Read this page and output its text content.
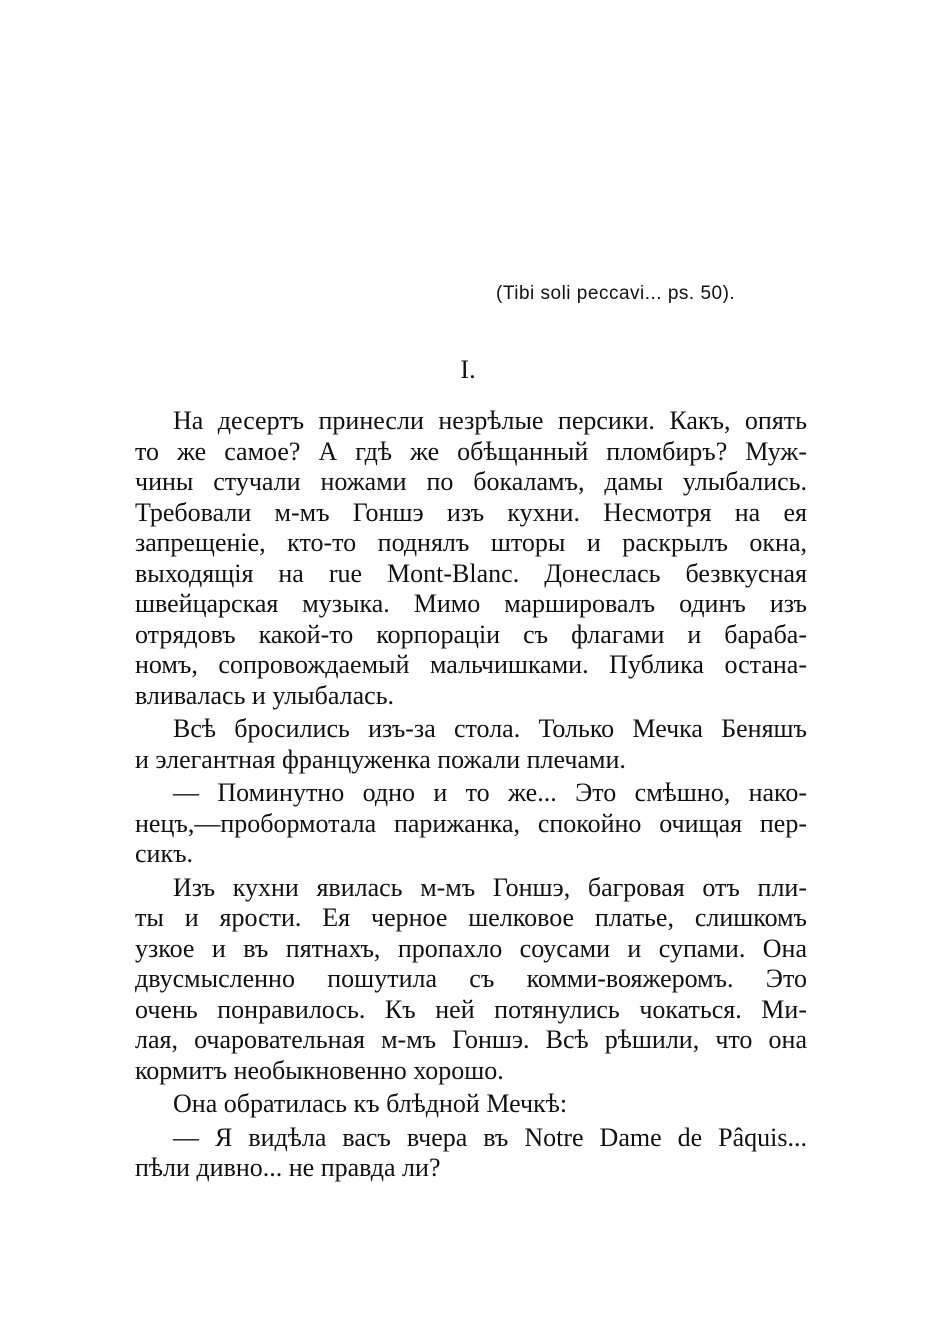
(Tibi soli peccavi... ps. 50).
I.

На десертъ принесли незрѣлые персики. Какъ, опять
то же самое? А гдѣ же обѣщанный пломбиръ? Муж-
чины стучали ножами по бокаламъ, дамы улыбались.
Требовали м-мъ Гоншэ изъ кухни. Несмотря на ея
запрещеніе, кто-то поднялъ шторы и раскрылъ окна,
выходящія на rue Mont-Blanc. Донеслась безвкусная
швейцарская музыка. Мимо маршировалъ одинъ изъ
отрядовъ какой-то корпораціи съ флагами и бараба-
номъ, сопровождаемый мальчишками. Публика остана-
вливалась и улыбалась.

Всѣ бросились изъ-за стола. Только Мечка Беняшъ
и элегантная француженка пожали плечами.

— Поминутно одно и то же... Это смѣшно, нако-
нецъ,—пробормотала парижанка, спокойно очищая пер-
сикъ.

Изъ кухни явилась м-мъ Гоншэ, багровая отъ пли-
ты и ярости. Ея черное шелковое платье, слишкомъ
узкое и въ пятнахъ, пропахло соусами и супами. Она
двусмысленно пошутила съ комми-вояжеромъ. Это
очень понравилось. Къ ней потянулись чокаться. Ми-
лая, очаровательная м-мъ Гоншэ. Всѣ рѣшили, что она
кормитъ необыкновенно хорошо.

Она обратилась къ блѣдной Мечкѣ:

— Я видѣла васъ вчера въ Notre Dame de Pâquis...
пѣли дивно... не правда ли?
